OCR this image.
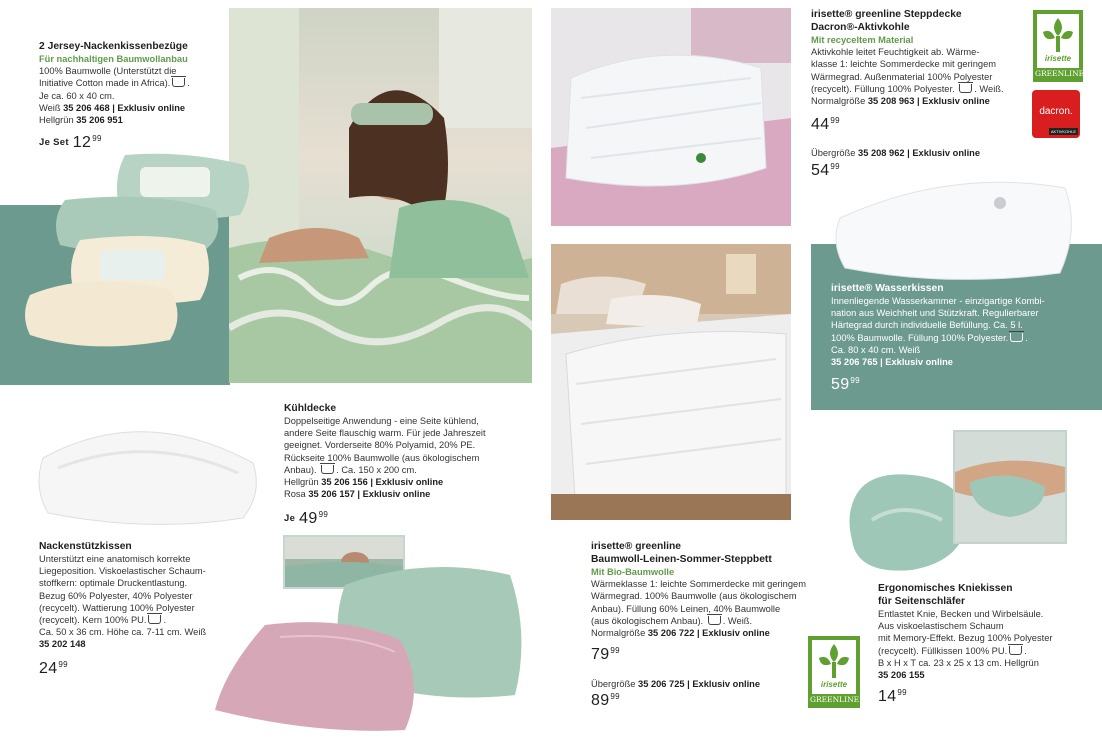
irisette
GREENLINE
dacron.
AKTIVKOHLE
irisette
GREENLINE
2 Jersey-Nackenkissenbezüge
Für nachhaltigen Baumwollanbau

100% Baumwolle (Unterstützt die

Initiative Cotton made in Africa). .

Je ca. 60 x 40 cm.

Weiß 35 206 468 | Exklusiv online

Hellgrün 35 206 951

Je Set $12^{99}$
Kühldecke

Doppelseitige Anwendung - eine Seite kühlend,

andere Seite flauschig warm. Für jede Jahreszeit

geeignet. Vorderseite 80% Polyamid, 20% PE.

Rückseite 100% Baumwolle (aus ökologischem

Anbau). . Ca. 150 x 200 cm.

Hellgrün 35 206 156 | Exklusiv online

Rosa 35 206 157 | Exklusiv online

Je $49^{99}$
Nackenstützkissen

Unterstützt eine anatomisch korrekte

Liegeposition. Viskoelastischer Schaum-

stoffkern: optimale Druckentlastung.

Bezug 60% Polyester, 40% Polyester

(recycelt). Wattierung 100% Polyester

(recycelt). Kern 100% PU. .

Ca. 50 x 36 cm. Höhe ca. 7-11 cm. Weiß

35 202 148

$24^{99}$
irisette® greenline Steppdecke
Dacron®-Aktivkohle
Mit recyceltem Material

Aktivkohle leitet Feuchtigkeit ab. Wärme-

klasse 1: leichte Sommerdecke mit geringem

Wärmegrad. Außenmaterial 100% Polyester

(recycelt). Füllung 100% Polyester. . Weiß.

Normalgröße 35 208 963 | Exklusiv online

$44^{99}$
Übergröße 35 208 962 | Exklusiv online
$54^{99}$
irisette® Wasserkissen

Innenliegende Wasserkammer - einzigartige Kombi-

nation aus Weichheit und Stützkraft. Regulierbarer

Härtegrad durch individuelle Befüllung. Ca. 5 l.

100% Baumwolle. Füllung 100% Polyester. .

Ca. 80 x 40 cm. Weiß

35 206 765 | Exklusiv online

$59^{99}$
irisette® greenline
Baumwoll-Leinen-Sommer-Steppbett
Mit Bio-Baumwolle

Wärmeklasse 1: leichte Sommerdecke mit geringem

Wärmegrad. 100% Baumwolle (aus ökologischem

Anbau). Füllung 60% Leinen, 40% Baumwolle

(aus ökologischem Anbau). . Weiß.

Normalgröße 35 206 722 | Exklusiv online

$79^{99}$
Übergröße 35 206 725 | Exklusiv online
$89^{99}$
Ergonomisches Kniekissen
für Seitenschläfer

Entlastet Knie, Becken und Wirbelsäule.

Aus viskoelastischem Schaum

mit Memory-Effekt. Bezug 100% Polyester

(recycelt). Füllkissen 100% PU. .

B x H x T ca. 23 x 25 x 13 cm. Hellgrün

35 206 155

$14^{99}$
